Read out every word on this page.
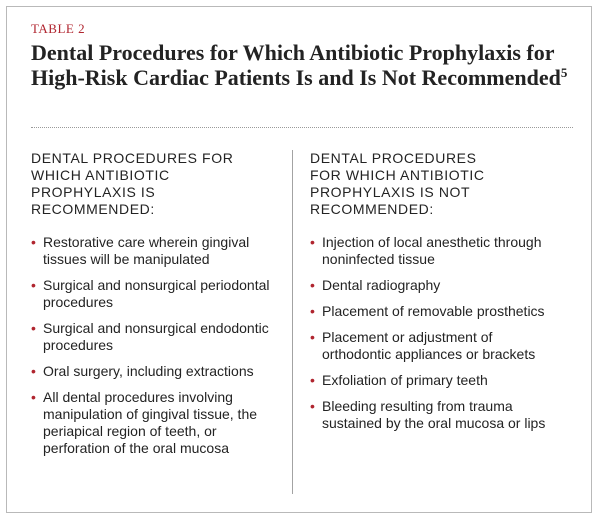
TABLE 2
Dental Procedures for Which Antibiotic Prophylaxis for High-Risk Cardiac Patients Is and Is Not Recommended$^5$

DENTAL PROCEDURES FOR
WHICH ANTIBIOTIC
PROPHYLAXIS IS
RECOMMENDED:

• Restorative care wherein gingival tissues will be manipulated
• Surgical and nonsurgical periodontal procedures
• Surgical and nonsurgical endodontic procedures
• Oral surgery, including extractions
• All dental procedures involving manipulation of gingival tissue, the periapical region of teeth, or perforation of the oral mucosa

DENTAL PROCEDURES
FOR WHICH ANTIBIOTIC
PROPHYLAXIS IS NOT
RECOMMENDED:

• Injection of local anesthetic through noninfected tissue
• Dental radiography
• Placement of removable prosthetics
• Placement or adjustment of orthodontic appliances or brackets
• Exfoliation of primary teeth
• Bleeding resulting from trauma sustained by the oral mucosa or lips
